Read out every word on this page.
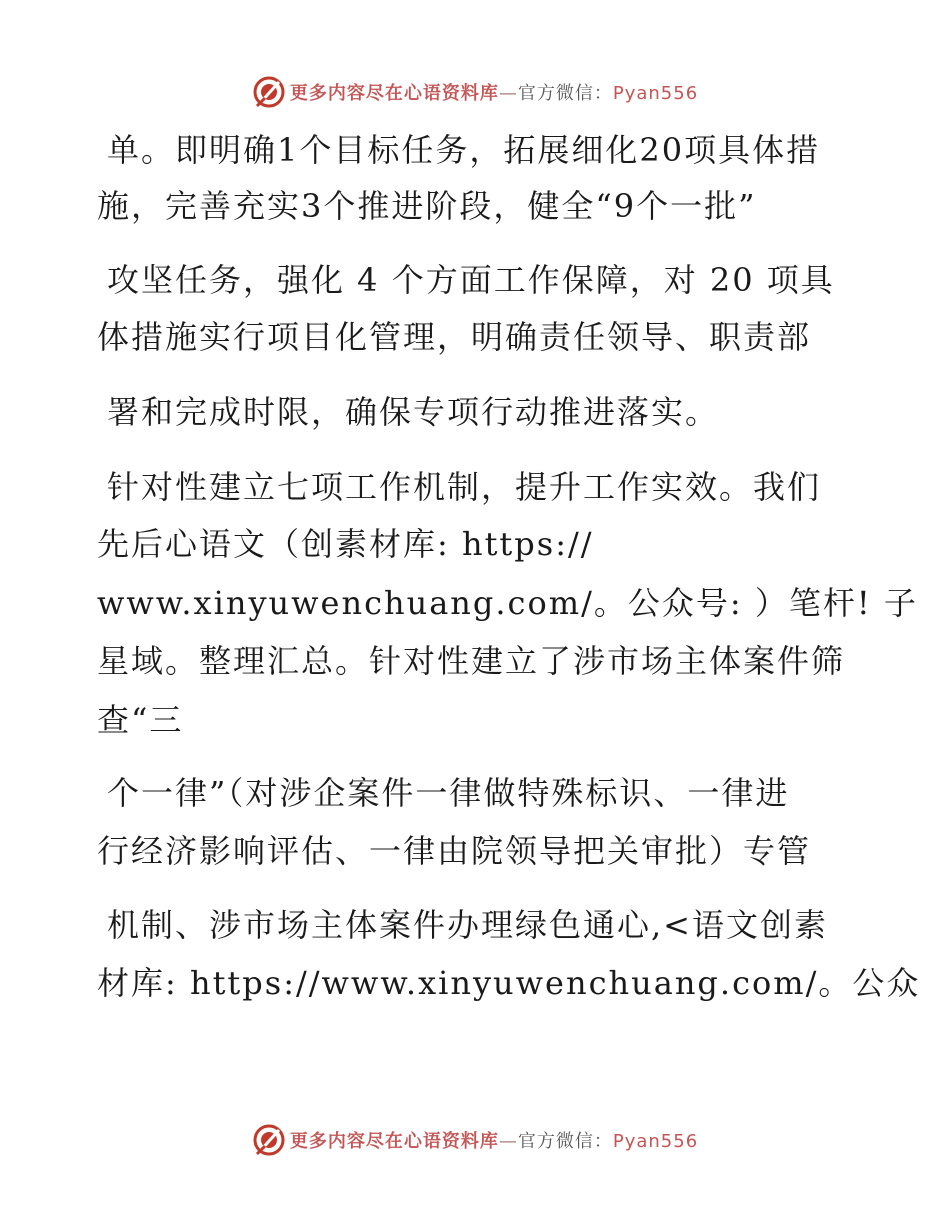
更多内容尽在心语资料库—官方微信：Pyan556
单。即明确1个目标任务，拓展细化20项具体措
施，完善充实3个推进阶段，健全“9个一批”
攻坚任务，强化 4 个方面工作保障，对 20 项具
体措施实行项目化管理，明确责任领导、职责部
署和完成时限，确保专项行动推进落实。
针对性建立七项工作机制，提升工作实效。我们
先后心语文（创素材库: https://
www.xinyuwenchuang.com/。公众号: ）笔杆! 子
星域。整理汇总。针对性建立了涉市场主体案件筛
查“三
个一律”（对涉企案件一律做特殊标识、一律进
行经济影响评估、一律由院领导把关审批）专管
机制、涉市场主体案件办理绿色通心,<语文创素
材库: https://www.xinyuwenchuang.com/。公众
更多内容尽在心语资料库—官方微信：Pyan556
